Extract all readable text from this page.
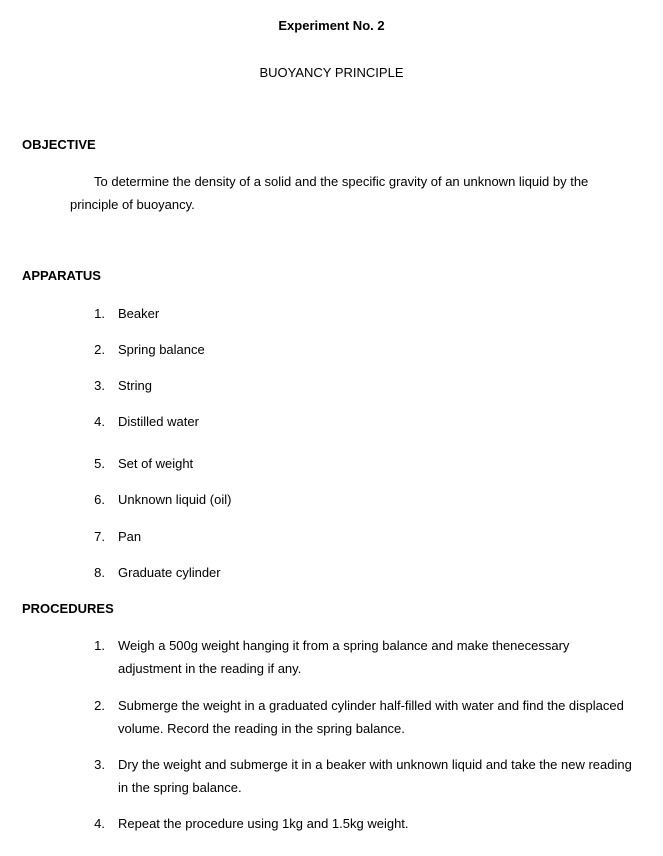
Experiment No. 2
BUOYANCY PRINCIPLE
OBJECTIVE
To determine the density of a solid and the specific gravity of an unknown liquid by the
principle of buoyancy.
APPARATUS
1. Beaker
2. Spring balance
3. String
4. Distilled water
5. Set of weight
6. Unknown liquid (oil)
7. Pan
8. Graduate cylinder
PROCEDURES
1. Weigh a 500g weight hanging it from a spring balance and make thenecessary
adjustment in the reading if any.
2. Submerge the weight in a graduated cylinder half-filled with water and find the displaced
volume. Record the reading in the spring balance.
3. Dry the weight and submerge it in a beaker with unknown liquid and take the new reading
in the spring balance.
4. Repeat the procedure using 1kg and 1.5kg weight.
